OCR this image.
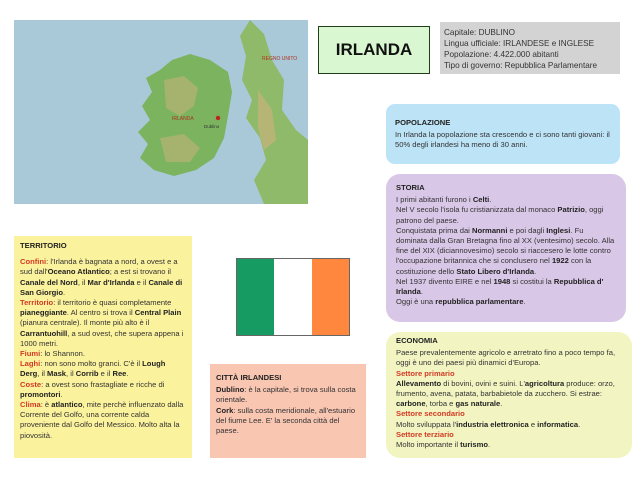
REGNO UNITO
IRLANDA
Dublino
IRLANDA
Capitale: DUBLINO
Lingua ufficiale: IRLANDESE e INGLESE
Popolazione: 4.422.000 abitanti
Tipo di governo: Repubblica Parlamentare
POPOLAZIONE
In Irlanda la popolazione sta crescendo e ci sono tanti giovani: il 50% degli irlandesi ha meno di 30 anni.
STORIA
I primi abitanti furono i Celti.
Nel V secolo l'isola fu cristianizzata dal monaco Patrizio, oggi patrono del paese.
Conquistata prima dai Normanni e poi dagli Inglesi. Fu dominata dalla Gran Bretagna fino al XX (ventesimo) secolo. Alla fine del XIX (diciannovesimo) secolo si riaccesero le lotte contro l'occupazione britannica che si conclusero nel 1922 con la costituzione dello Stato Libero d'Irlanda.
Nel 1937 divento EIRE e nel 1948 si costitui la Repubblica d' Irlanda.
Oggi è una repubblica parlamentare.
TERRITORIO
Confini: l'Irlanda è bagnata a nord, a ovest e a sud dall'Oceano Atlantico; a est si trovano il Canale del Nord, il Mar d'Irlanda e il Canale di San Giorgio.
Territorio: il territorio è quasi completamente pianeggiante. Al centro si trova il Central Plain (pianura centrale). Il monte più alto è il Carrantuohill, a sud ovest, che supera appena i 1000 metri.
Fiumi: lo Shannon.
Laghi: non sono molto granci. C'è il Lough Derg, il Mask, il Corrib e il Ree.
Coste: a ovest sono frastagliate e ricche di promontori.
Clima: è atlantico, mite perchè influenzato dalla Corrente del Golfo, una corrente calda proveniente dal Golfo del Messico. Molto alta la piovosità.
CITTÀ IRLANDESI
Dublino: è la capitale, si trova sulla costa orientale.
Cork: sulla costa meridionale, all'estuario del fiume Lee. E' la seconda città del paese.
ECONOMIA
Paese prevalentemente agricolo e arretrato fino a poco tempo fa, oggi è uno dei paesi più dinamici d'Europa.
Settore primario
Allevamento di bovini, ovini e suini. L'agricoltura produce: orzo, frumento, avena, patata, barbabietole da zucchero. Si estrae: carbone, torba e gas naturale.
Settore secondario
Molto sviluppata l'industria elettronica e informatica.
Settore terziario
Molto importante il turismo.
